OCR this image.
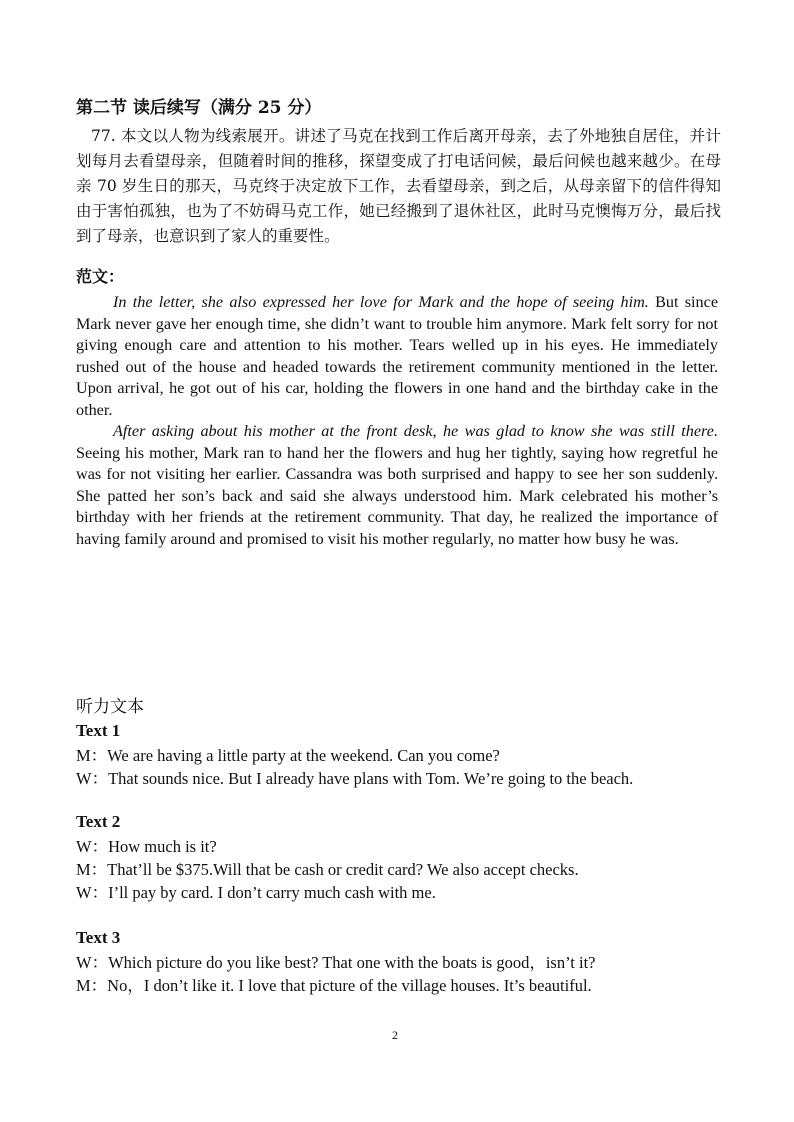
第二节 读后续写（满分 25 分）
77. 本文以人物为线索展开。讲述了马克在找到工作后离开母亲，去了外地独自居住，并计划每月去看望母亲，但随着时间的推移，探望变成了打电话问候，最后问候也越来越少。在母亲 70 岁生日的那天，马克终于决定放下工作，去看望母亲，到之后，从母亲留下的信件得知由于害怕孤独，也为了不妨碍马克工作，她已经搬到了退休社区，此时马克懊悔万分，最后找到了母亲，也意识到了家人的重要性。
范文：
In the letter, she also expressed her love for Mark and the hope of seeing him. But since Mark never gave her enough time, she didn’t want to trouble him anymore. Mark felt sorry for not giving enough care and attention to his mother. Tears welled up in his eyes. He immediately rushed out of the house and headed towards the retirement community mentioned in the letter. Upon arrival, he got out of his car, holding the flowers in one hand and the birthday cake in the other.
After asking about his mother at the front desk, he was glad to know she was still there. Seeing his mother, Mark ran to hand her the flowers and hug her tightly, saying how regretful he was for not visiting her earlier. Cassandra was both surprised and happy to see her son suddenly. She patted her son’s back and said she always understood him. Mark celebrated his mother’s birthday with her friends at the retirement community. That day, he realized the importance of having family around and promised to visit his mother regularly, no matter how busy he was.
听力文本
Text 1
M：We are having a little party at the weekend. Can you come?
W：That sounds nice. But I already have plans with Tom. We’re going to the beach.
Text 2
W：How much is it?
M：That’ll be $375.Will that be cash or credit card? We also accept checks.
W：I’ll pay by card. I don’t carry much cash with me.
Text 3
W：Which picture do you like best? That one with the boats is good，isn’t it?
M：No，I don’t like it. I love that picture of the village houses. It’s beautiful.
2
